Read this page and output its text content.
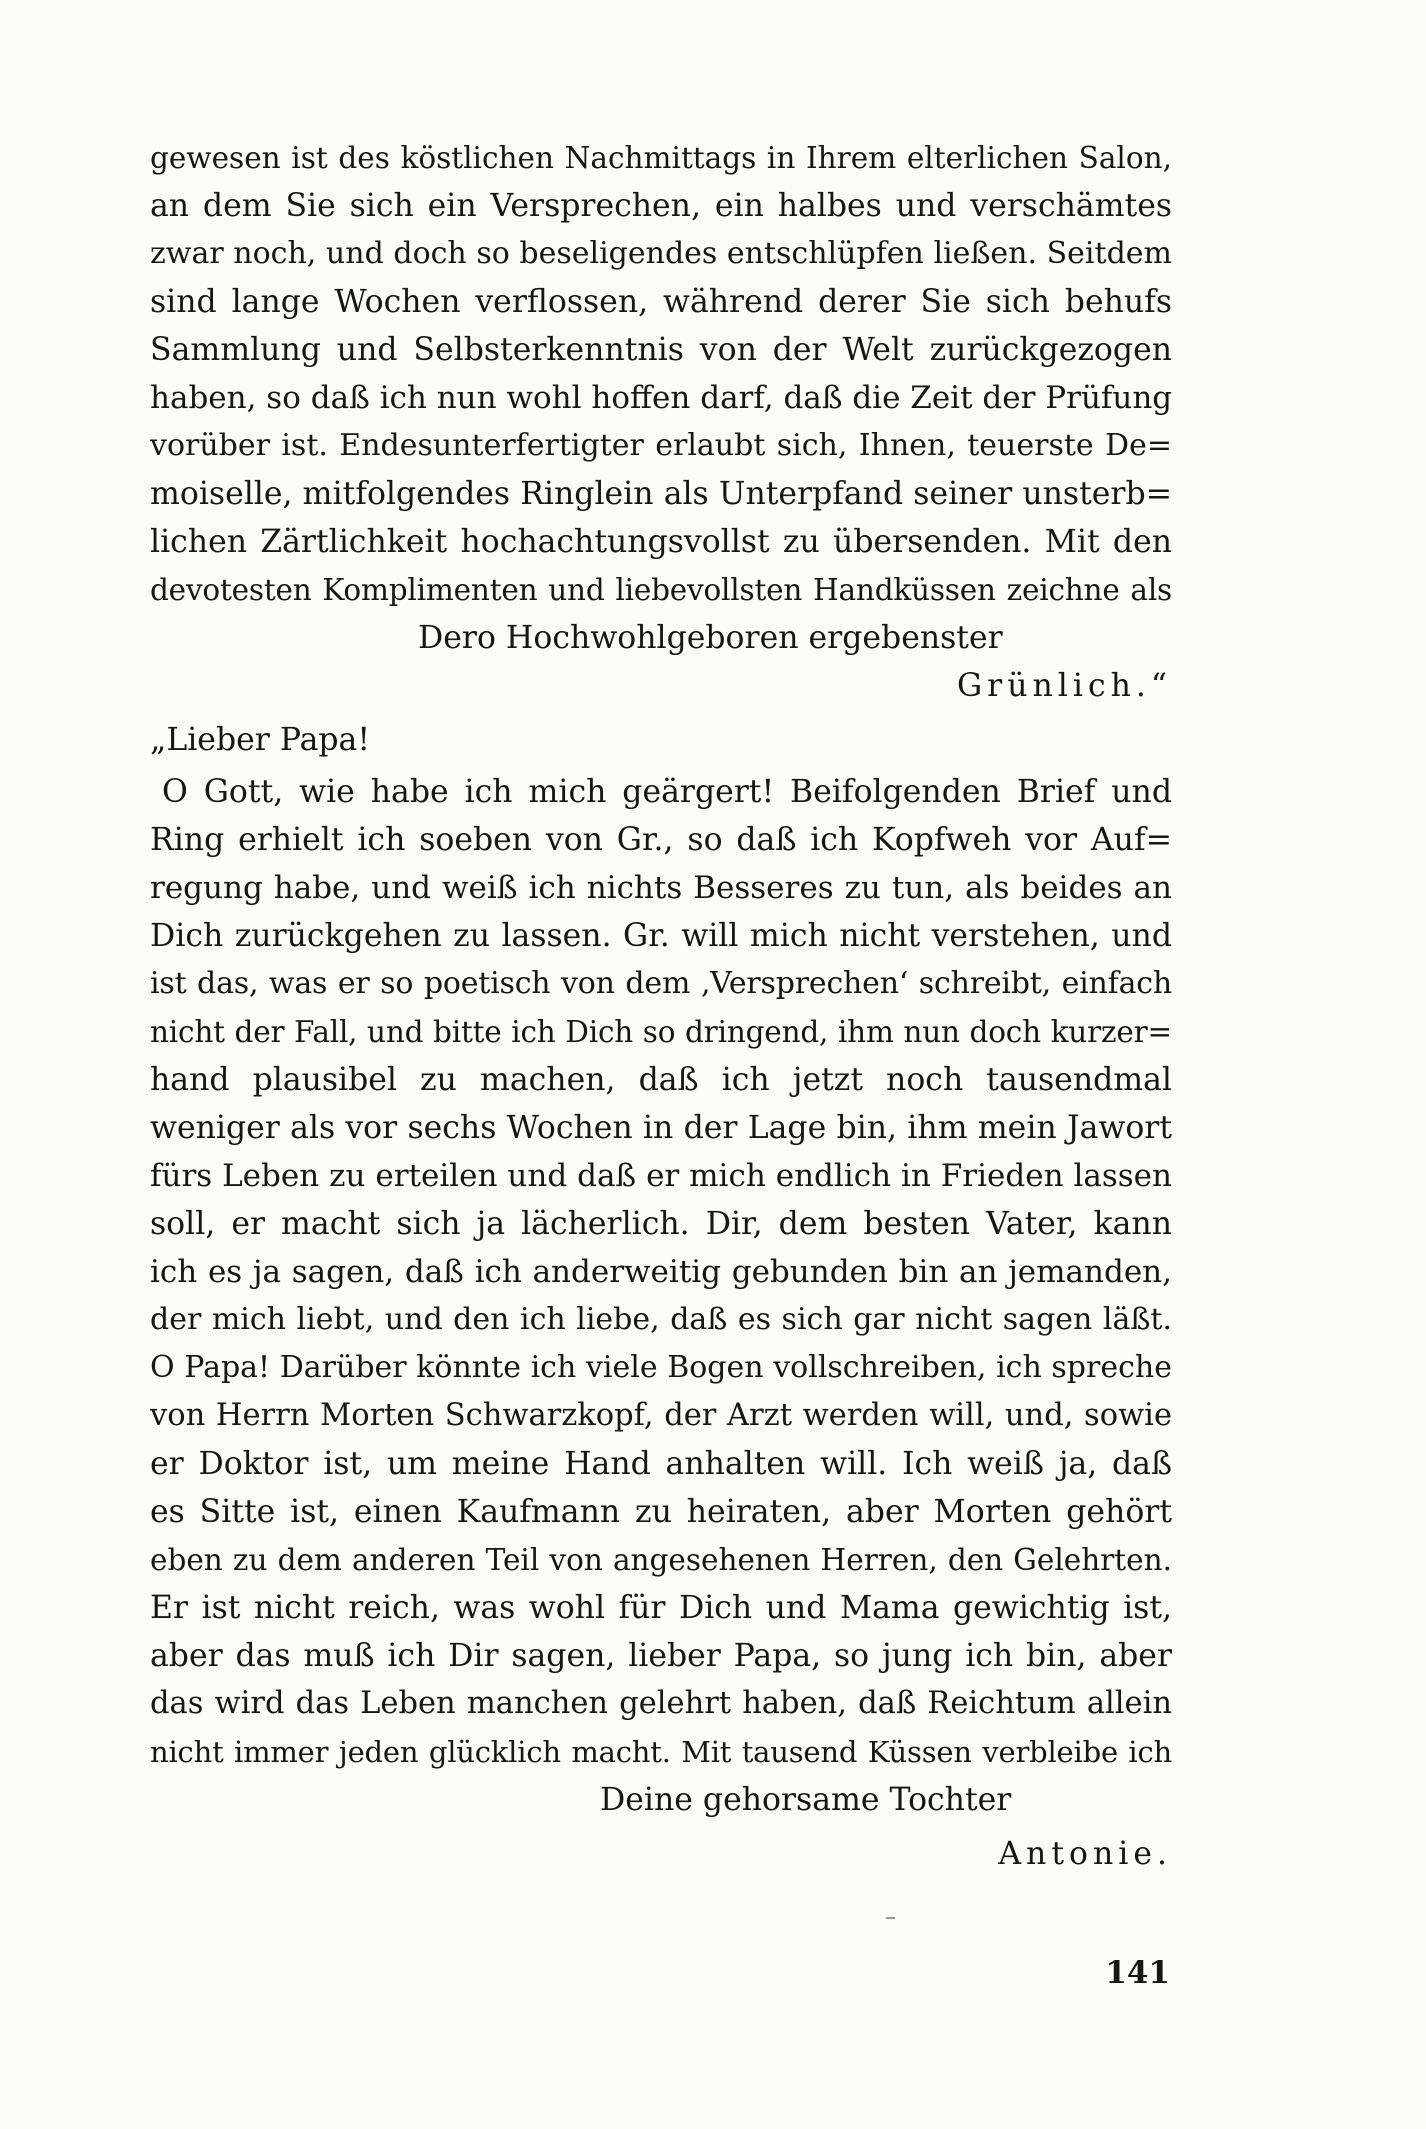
gewesen ist des köstlichen Nachmittags in Ihrem elterlichen Salon,
an dem Sie sich ein Versprechen, ein halbes und verschämtes
zwar noch, und doch so beseligendes entschlüpfen ließen. Seitdem
sind lange Wochen verflossen, während derer Sie sich behufs
Sammlung und Selbsterkenntnis von der Welt zurückgezogen
haben, so daß ich nun wohl hoffen darf, daß die Zeit der Prüfung
vorüber ist. Endesunterfertigter erlaubt sich, Ihnen, teuerste De=
moiselle, mitfolgendes Ringlein als Unterpfand seiner unsterb=
lichen Zärtlichkeit hochachtungsvollst zu übersenden. Mit den
devotesten Komplimenten und liebevollsten Handküssen zeichne als
Dero Hochwohlgeboren ergebenster
Grünlich.“
„Lieber Papa!
O Gott, wie habe ich mich geärgert! Beifolgenden Brief und
Ring erhielt ich soeben von Gr., so daß ich Kopfweh vor Auf=
regung habe, und weiß ich nichts Besseres zu tun, als beides an
Dich zurückgehen zu lassen. Gr. will mich nicht verstehen, und
ist das, was er so poetisch von dem ‚Versprechen‘ schreibt, einfach
nicht der Fall, und bitte ich Dich so dringend, ihm nun doch kurzer=
hand plausibel zu machen, daß ich jetzt noch tausendmal
weniger als vor sechs Wochen in der Lage bin, ihm mein Jawort
fürs Leben zu erteilen und daß er mich endlich in Frieden lassen
soll, er macht sich ja lächerlich. Dir, dem besten Vater, kann
ich es ja sagen, daß ich anderweitig gebunden bin an jemanden,
der mich liebt, und den ich liebe, daß es sich gar nicht sagen läßt.
O Papa! Darüber könnte ich viele Bogen vollschreiben, ich spreche
von Herrn Morten Schwarzkopf, der Arzt werden will, und, sowie
er Doktor ist, um meine Hand anhalten will. Ich weiß ja, daß
es Sitte ist, einen Kaufmann zu heiraten, aber Morten gehört
eben zu dem anderen Teil von angesehenen Herren, den Gelehrten.
Er ist nicht reich, was wohl für Dich und Mama gewichtig ist,
aber das muß ich Dir sagen, lieber Papa, so jung ich bin, aber
das wird das Leben manchen gelehrt haben, daß Reichtum allein
nicht immer jeden glücklich macht. Mit tausend Küssen verbleibe ich
Deine gehorsame Tochter
Antonie.
141
